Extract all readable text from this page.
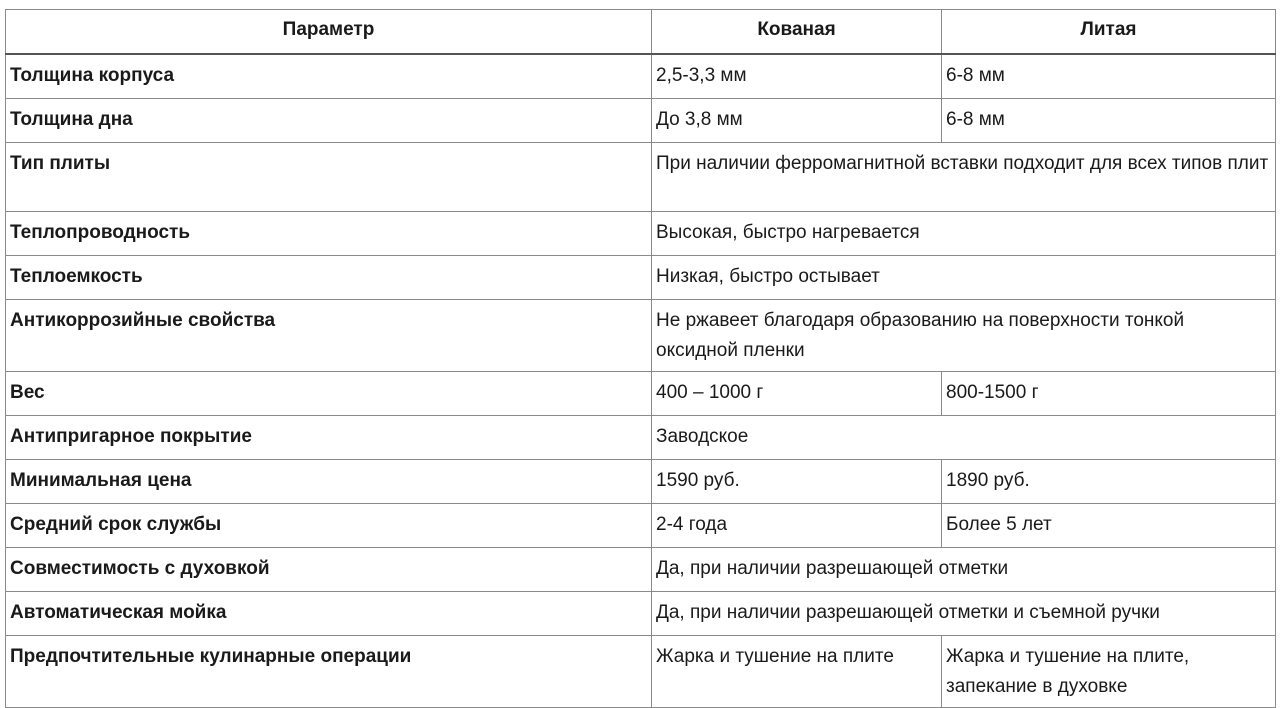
Параметр	Кованая	Литая
Толщина корпуса	2,5-3,3 мм	6-8 мм
Толщина дна	До 3,8 мм	6-8 мм
Тип плиты	При наличии ферромагнитной вставки подходит для всех типов плит	
Теплопроводность	Высокая, быстро нагревается	
Теплоемкость	Низкая, быстро остывает	
Антикоррозийные свойства	Не ржавеет благодаря образованию на поверхности тонкой оксидной пленки	
Вес	400 – 1000 г	800-1500 г
Антипригарное покрытие	Заводское	
Минимальная цена	1590 руб.	1890 руб.
Средний срок службы	2-4 года	Более 5 лет
Совместимость с духовкой	Да, при наличии разрешающей отметки	
Автоматическая мойка	Да, при наличии разрешающей отметки и съемной ручки	
Предпочтительные кулинарные операции	Жарка и тушение на плите	Жарка и тушение на плите, запекание в духовке
